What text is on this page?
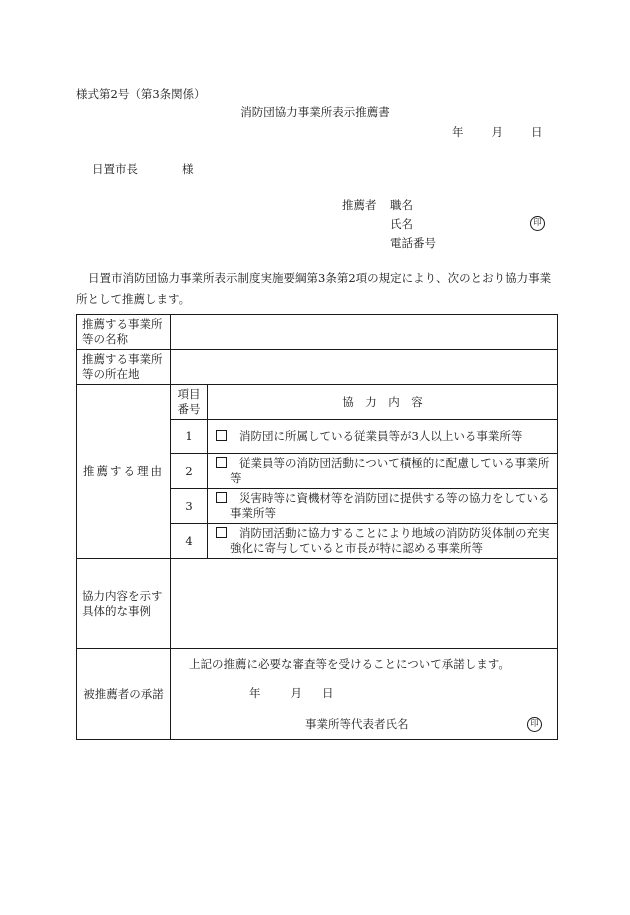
様式第2号（第3条関係）
消防団協力事業所表示推薦書
年 月 日
日置市長	様
推薦者 職名
氏名	印
電話番号
日置市消防団協力事業所表示制度実施要綱第3条第2項の規定により、次のとおり協力事業所として推薦します。
推薦する事業所等の名称		
推薦する事業所等の所在地		
推薦する理由	項目番号	協　力　内　容
	1	消防団に所属している従業員等が3人以上いる事業所等
	2	従業員等の消防団活動について積極的に配慮している事業所等
	3	災害時等に資機材等を消防団に提供する等の協力をしている事業所等
	4	消防団活動に協力することにより地域の消防防災体制の充実強化に寄与していると市長が特に認める事業所等
協力内容を示す具体的な事例		
被推薦者の承諾	上記の推薦に必要な審査等を受けることについて承諾します。
年 月 日
事業所等代表者氏名 印	
